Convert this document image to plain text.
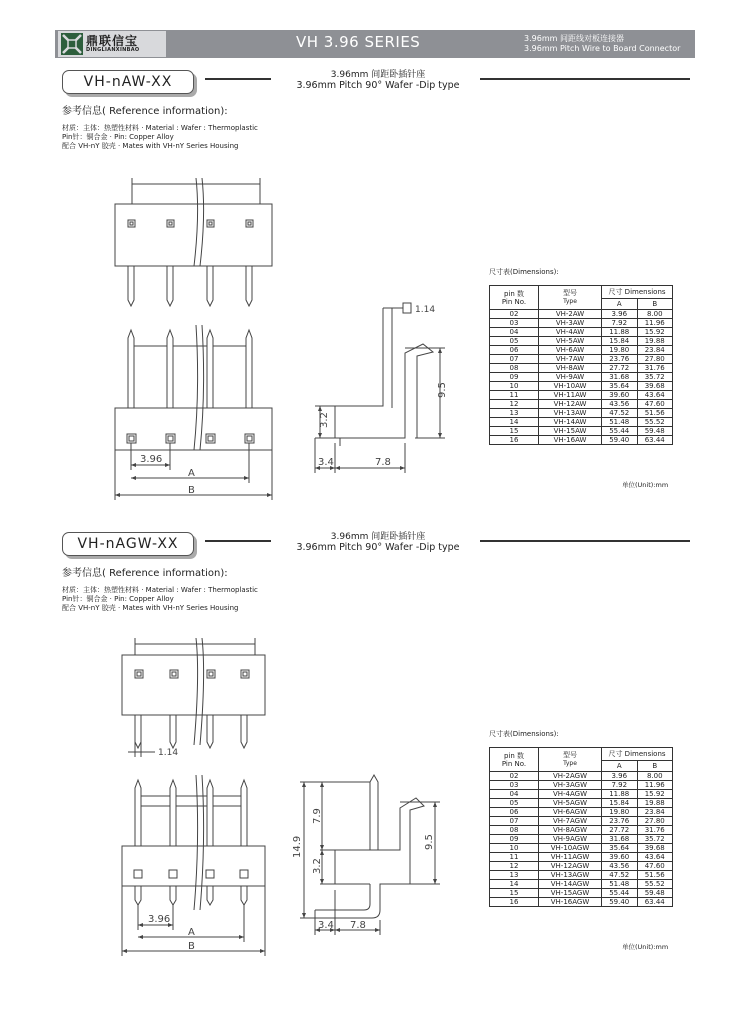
鼎联信宝
DINGLIANXINBAO	VH 3.96 SERIES	3.96mm 间距线对板连接器
3.96mm Pitch Wire to Board Connector
VH-nAW-XX	3.96mm 间距卧插针座
3.96mm Pitch 90° Wafer -Dip type
参考信息( Reference information):
材质：主体：热塑性材料 · Material : Wafer : Thermoplastic
Pin针：铜合金 · Pin: Copper Alloy
配合 VH-nY 胶壳 · Mates with VH-nY Series Housing
3.96
A
B
1.14
9.5
3.2
3.4	7.8
尺寸表(Dimensions):
pin 数
Pin No.	型号
Type	尺寸 Dimensions	
		A	B
02	VH-2AW	3.96	8.00
03	VH-3AW	7.92	11.96
04	VH-4AW	11.88	15.92
05	VH-5AW	15.84	19.88
06	VH-6AW	19.80	23.84
07	VH-7AW	23.76	27.80
08	VH-8AW	27.72	31.76
09	VH-9AW	31.68	35.72
10	VH-10AW	35.64	39.68
11	VH-11AW	39.60	43.64
12	VH-12AW	43.56	47.60
13	VH-13AW	47.52	51.56
14	VH-14AW	51.48	55.52
15	VH-15AW	55.44	59.48
16	VH-16AW	59.40	63.44
单位(Unit):mm
VH-nAGW-XX	3.96mm 间距卧插针座
3.96mm Pitch 90° Wafer -Dip type
参考信息( Reference information):
材质：主体：热塑性材料 · Material : Wafer : Thermoplastic
Pin针：铜合金 · Pin: Copper Alloy
配合 VH-nY 胶壳 · Mates with VH-nY Series Housing
1.14
3.96
A
B
14.9
7.9
3.2
9.5
3.4 7.8
尺寸表(Dimensions):
pin 数
Pin No.	型号
Type	尺寸 Dimensions	
		A	B
02	VH-2AGW	3.96	8.00
03	VH-3AGW	7.92	11.96
04	VH-4AGW	11.88	15.92
05	VH-5AGW	15.84	19.88
06	VH-6AGW	19.80	23.84
07	VH-7AGW	23.76	27.80
08	VH-8AGW	27.72	31.76
09	VH-9AGW	31.68	35.72
10	VH-10AGW	35.64	39.68
11	VH-11AGW	39.60	43.64
12	VH-12AGW	43.56	47.60
13	VH-13AGW	47.52	51.56
14	VH-14AGW	51.48	55.52
15	VH-15AGW	55.44	59.48
16	VH-16AGW	59.40	63.44
单位(Unit):mm
